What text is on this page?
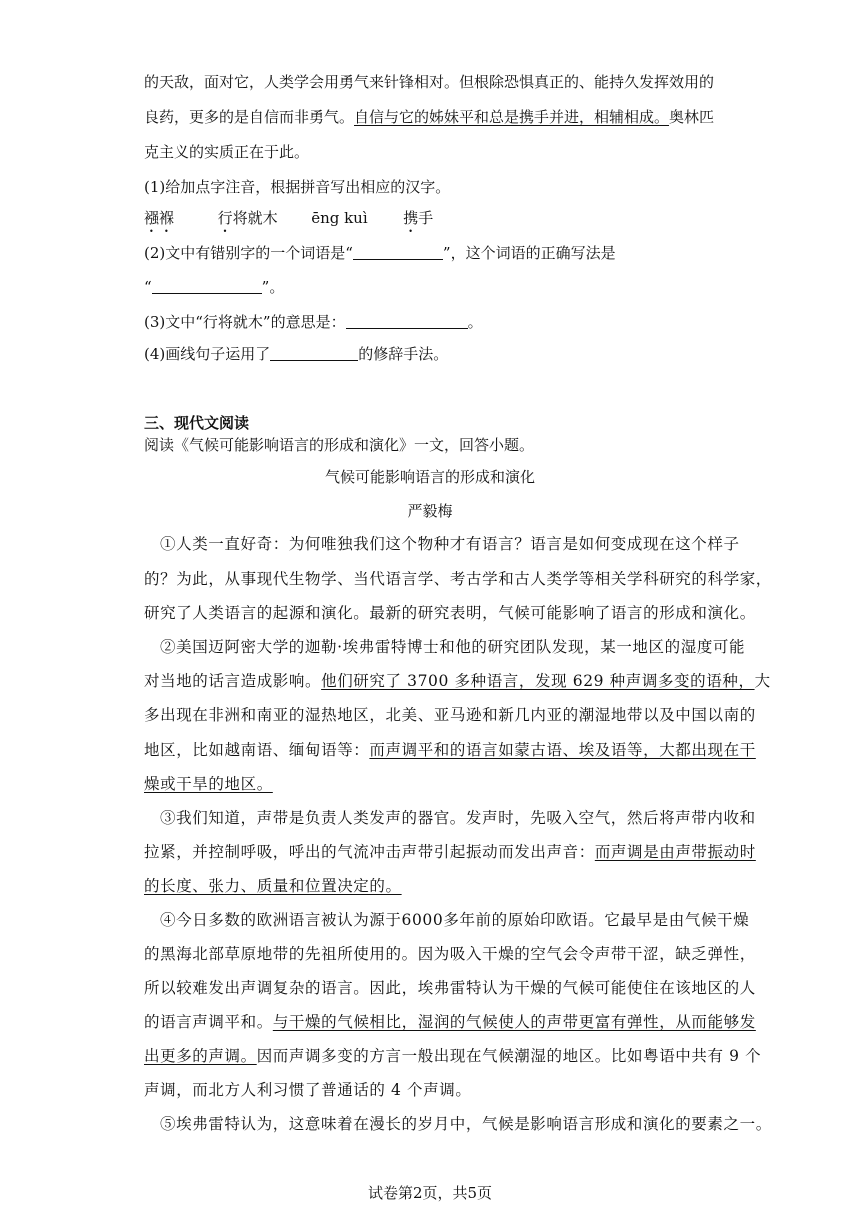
的天敌，面对它，人类学会用勇气来针锋相对。但根除恐惧真正的、能持久发挥效用的
良药，更多的是自信而非勇气。自信与它的姊妹平和总是携手并进，相辅相成。奥林匹
克主义的实质正在于此。
(1)给加点字注音，根据拼音写出相应的汉字。
襁褓	行将就木 ēng kuì 携手
(2)文中有错别字的一个词语是“	”，这个词语的正确写法是
“	”。
(3)文中“行将就木”的意思是：	。
(4)画线句子运用了	的修辞手法。
三、现代文阅读
阅读《气候可能影响语言的形成和演化》一文，回答小题。
气候可能影响语言的形成和演化
严毅梅
①人类一直好奇：为何唯独我们这个物种才有语言？语言是如何变成现在这个样子
的？为此，从事现代生物学、当代语言学、考古学和古人类学等相关学科研究的科学家，
研究了人类语言的起源和演化。最新的研究表明，气候可能影响了语言的形成和演化。
②美国迈阿密大学的迦勒·埃弗雷特博士和他的研究团队发现，某一地区的湿度可能
对当地的话言造成影响。他们研究了 3700 多种语言，发现 629 种声调多变的语种，大
多出现在非洲和南亚的湿热地区，北美、亚马逊和新几内亚的潮湿地带以及中国以南的
地区，比如越南语、缅甸语等：而声调平和的语言如蒙古语、埃及语等，大都出现在干
燥或干旱的地区。
③我们知道，声带是负责人类发声的器官。发声时，先吸入空气，然后将声带内收和
拉紧，并控制呼吸，呼出的气流冲击声带引起振动而发出声音：而声调是由声带振动时
的长度、张力、质量和位置决定的。
④今日多数的欧洲语言被认为源于6000多年前的原始印欧语。它最早是由气候干燥
的黑海北部草原地带的先祖所使用的。因为吸入干燥的空气会令声带干涩，缺乏弹性，
所以较难发出声调复杂的语言。因此，埃弗雷特认为干燥的气候可能使住在该地区的人
的语言声调平和。与干燥的气候相比，湿润的气候使人的声带更富有弹性，从而能够发
出更多的声调。因而声调多变的方言一般出现在气候潮湿的地区。比如粤语中共有 9 个
声调，而北方人利习惯了普通话的 4 个声调。
⑤埃弗雷特认为，这意味着在漫长的岁月中，气候是影响语言形成和演化的要素之一。
试卷第2页，共5页
